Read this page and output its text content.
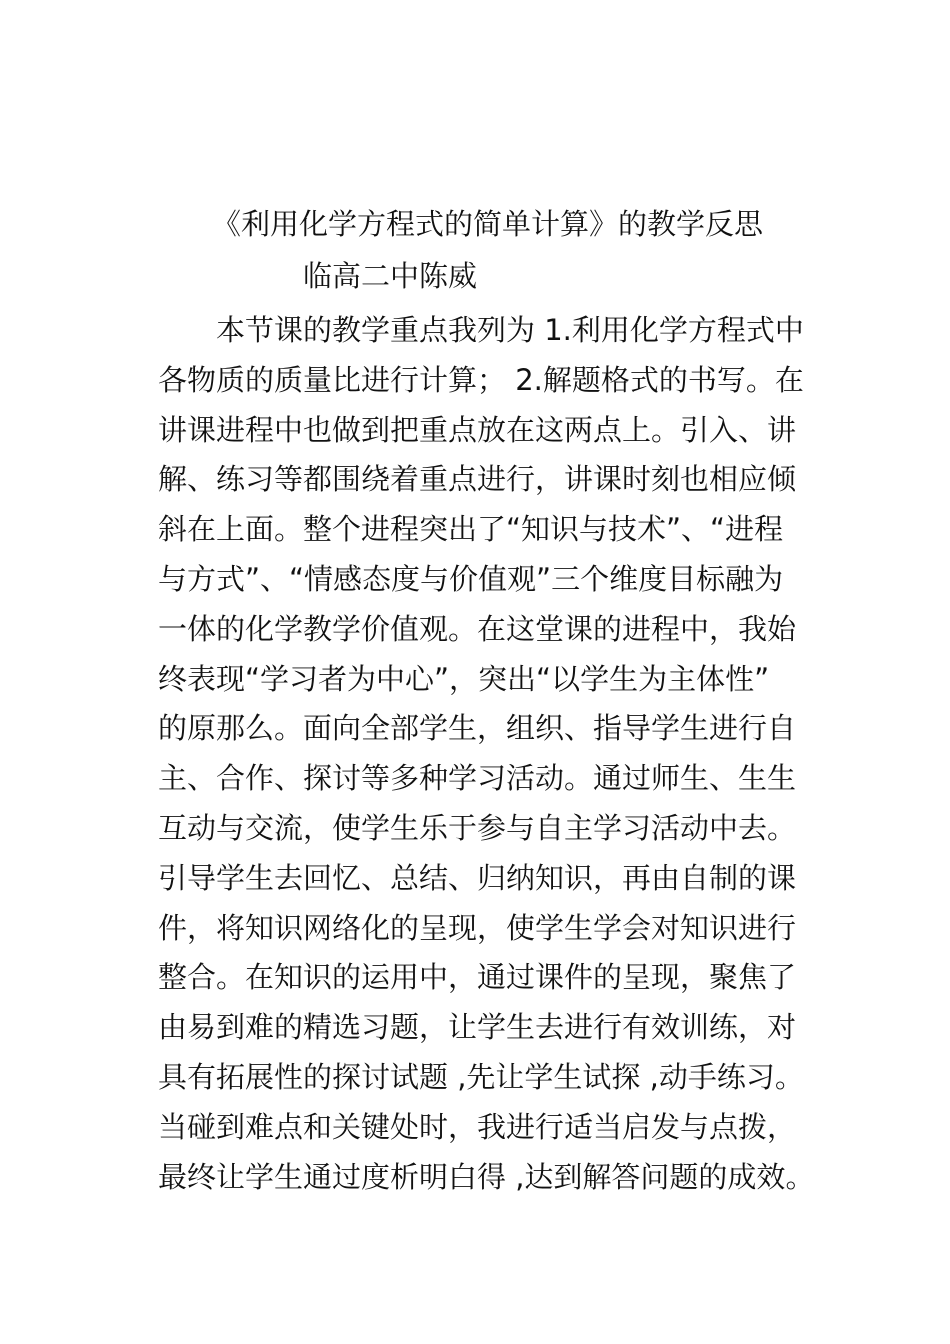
《利用化学方程式的简单计算》的教学反思
临高二中陈威
　　本节课的教学重点我列为 1.利用化学方程式中
各物质的质量比进行计算； 2.解题格式的书写。在
讲课进程中也做到把重点放在这两点上。引入、讲
解、练习等都围绕着重点进行，讲课时刻也相应倾
斜在上面。整个进程突出了“知识与技术”、“进程
与方式”、“情感态度与价值观”三个维度目标融为
一体的化学教学价值观。在这堂课的进程中，我始
终表现“学习者为中心”，突出“以学生为主体性”
的原那么。面向全部学生，组织、指导学生进行自
主、合作、探讨等多种学习活动。通过师生、生生
互动与交流，使学生乐于参与自主学习活动中去。
引导学生去回忆、总结、归纳知识，再由自制的课
件，将知识网络化的呈现，使学生学会对知识进行
整合。在知识的运用中，通过课件的呈现，聚焦了
由易到难的精选习题，让学生去进行有效训练，对
具有拓展性的探讨试题 ,先让学生试探 ,动手练习。
当碰到难点和关键处时，我进行适当启发与点拨，
最终让学生通过度析明白得 ,达到解答问题的成效。
